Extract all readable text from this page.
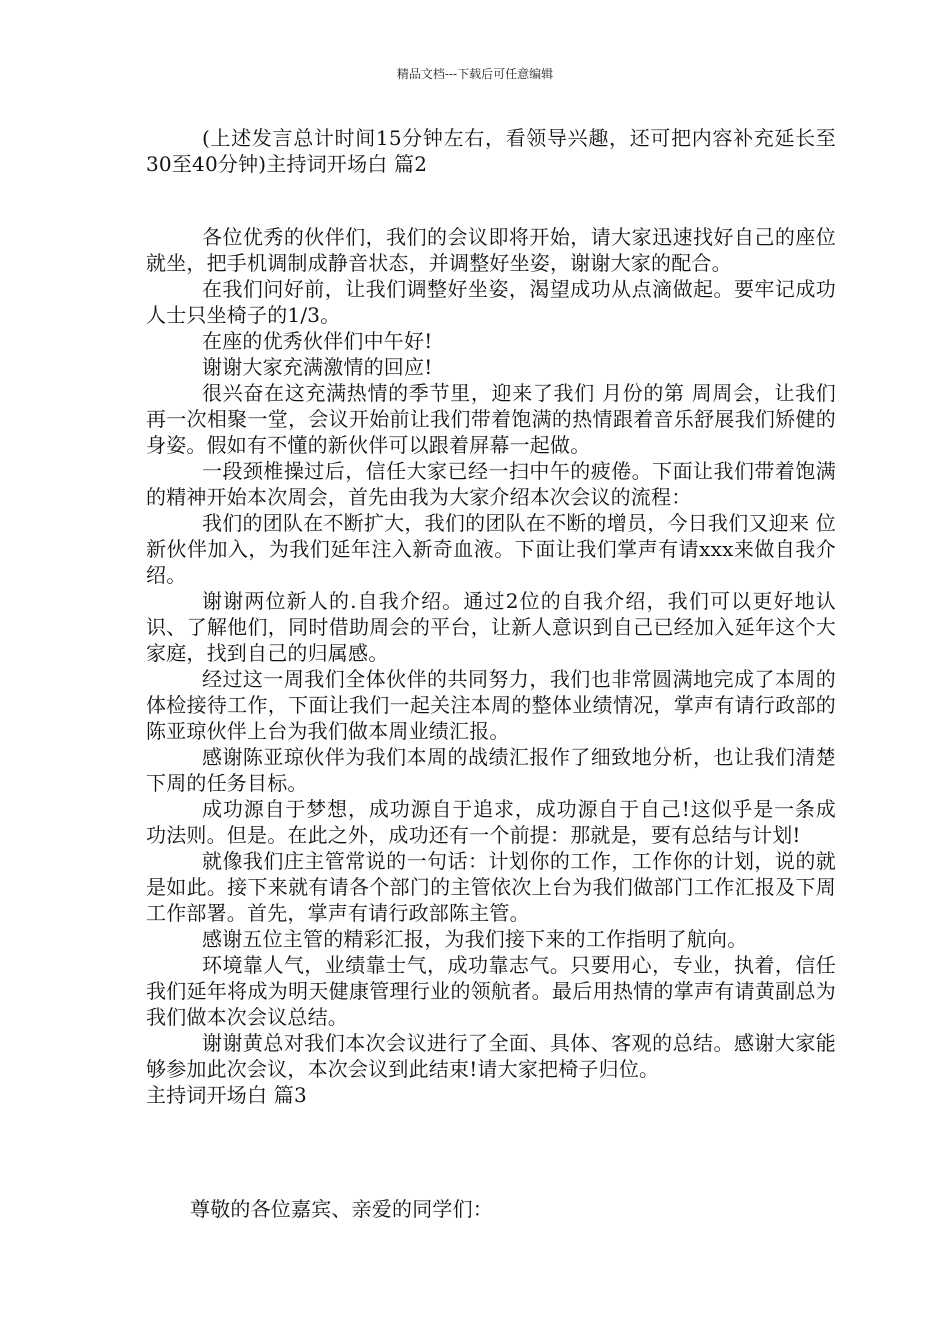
精品文档---下载后可任意编辑

(上述发言总计时间15分钟左右，看领导兴趣，还可把内容补充延长至30至40分钟)主持词开场白 篇2

各位优秀的伙伴们，我们的会议即将开始，请大家迅速找好自己的座位就坐，把手机调制成静音状态，并调整好坐姿，谢谢大家的配合。

在我们问好前，让我们调整好坐姿，渴望成功从点滴做起。要牢记成功人士只坐椅子的1/3。

在座的优秀伙伴们中午好!

谢谢大家充满激情的回应!

很兴奋在这充满热情的季节里，迎来了我们 月份的第 周周会，让我们再一次相聚一堂，会议开始前让我们带着饱满的热情跟着音乐舒展我们矫健的身姿。假如有不懂的新伙伴可以跟着屏幕一起做。

一段颈椎操过后，信任大家已经一扫中午的疲倦。下面让我们带着饱满的精神开始本次周会，首先由我为大家介绍本次会议的流程：

我们的团队在不断扩大，我们的团队在不断的增员，今日我们又迎来 位新伙伴加入，为我们延年注入新奇血液。下面让我们掌声有请xxx来做自我介绍。

谢谢两位新人的.自我介绍。通过2位的自我介绍，我们可以更好地认识、了解他们，同时借助周会的平台，让新人意识到自己已经加入延年这个大家庭，找到自己的归属感。

经过这一周我们全体伙伴的共同努力，我们也非常圆满地完成了本周的体检接待工作，下面让我们一起关注本周的整体业绩情况，掌声有请行政部的陈亚琼伙伴上台为我们做本周业绩汇报。

感谢陈亚琼伙伴为我们本周的战绩汇报作了细致地分析，也让我们清楚下周的任务目标。

成功源自于梦想，成功源自于追求，成功源自于自己!这似乎是一条成功法则。但是。在此之外，成功还有一个前提：那就是，要有总结与计划!

就像我们庄主管常说的一句话：计划你的工作，工作你的计划，说的就是如此。接下来就有请各个部门的主管依次上台为我们做部门工作汇报及下周工作部署。首先，掌声有请行政部陈主管。

感谢五位主管的精彩汇报，为我们接下来的工作指明了航向。

环境靠人气，业绩靠士气，成功靠志气。只要用心，专业，执着，信任我们延年将成为明天健康管理行业的领航者。最后用热情的掌声有请黄副总为我们做本次会议总结。

谢谢黄总对我们本次会议进行了全面、具体、客观的总结。感谢大家能够参加此次会议，本次会议到此结束!请大家把椅子归位。

主持词开场白 篇3

尊敬的各位嘉宾、亲爱的同学们：
